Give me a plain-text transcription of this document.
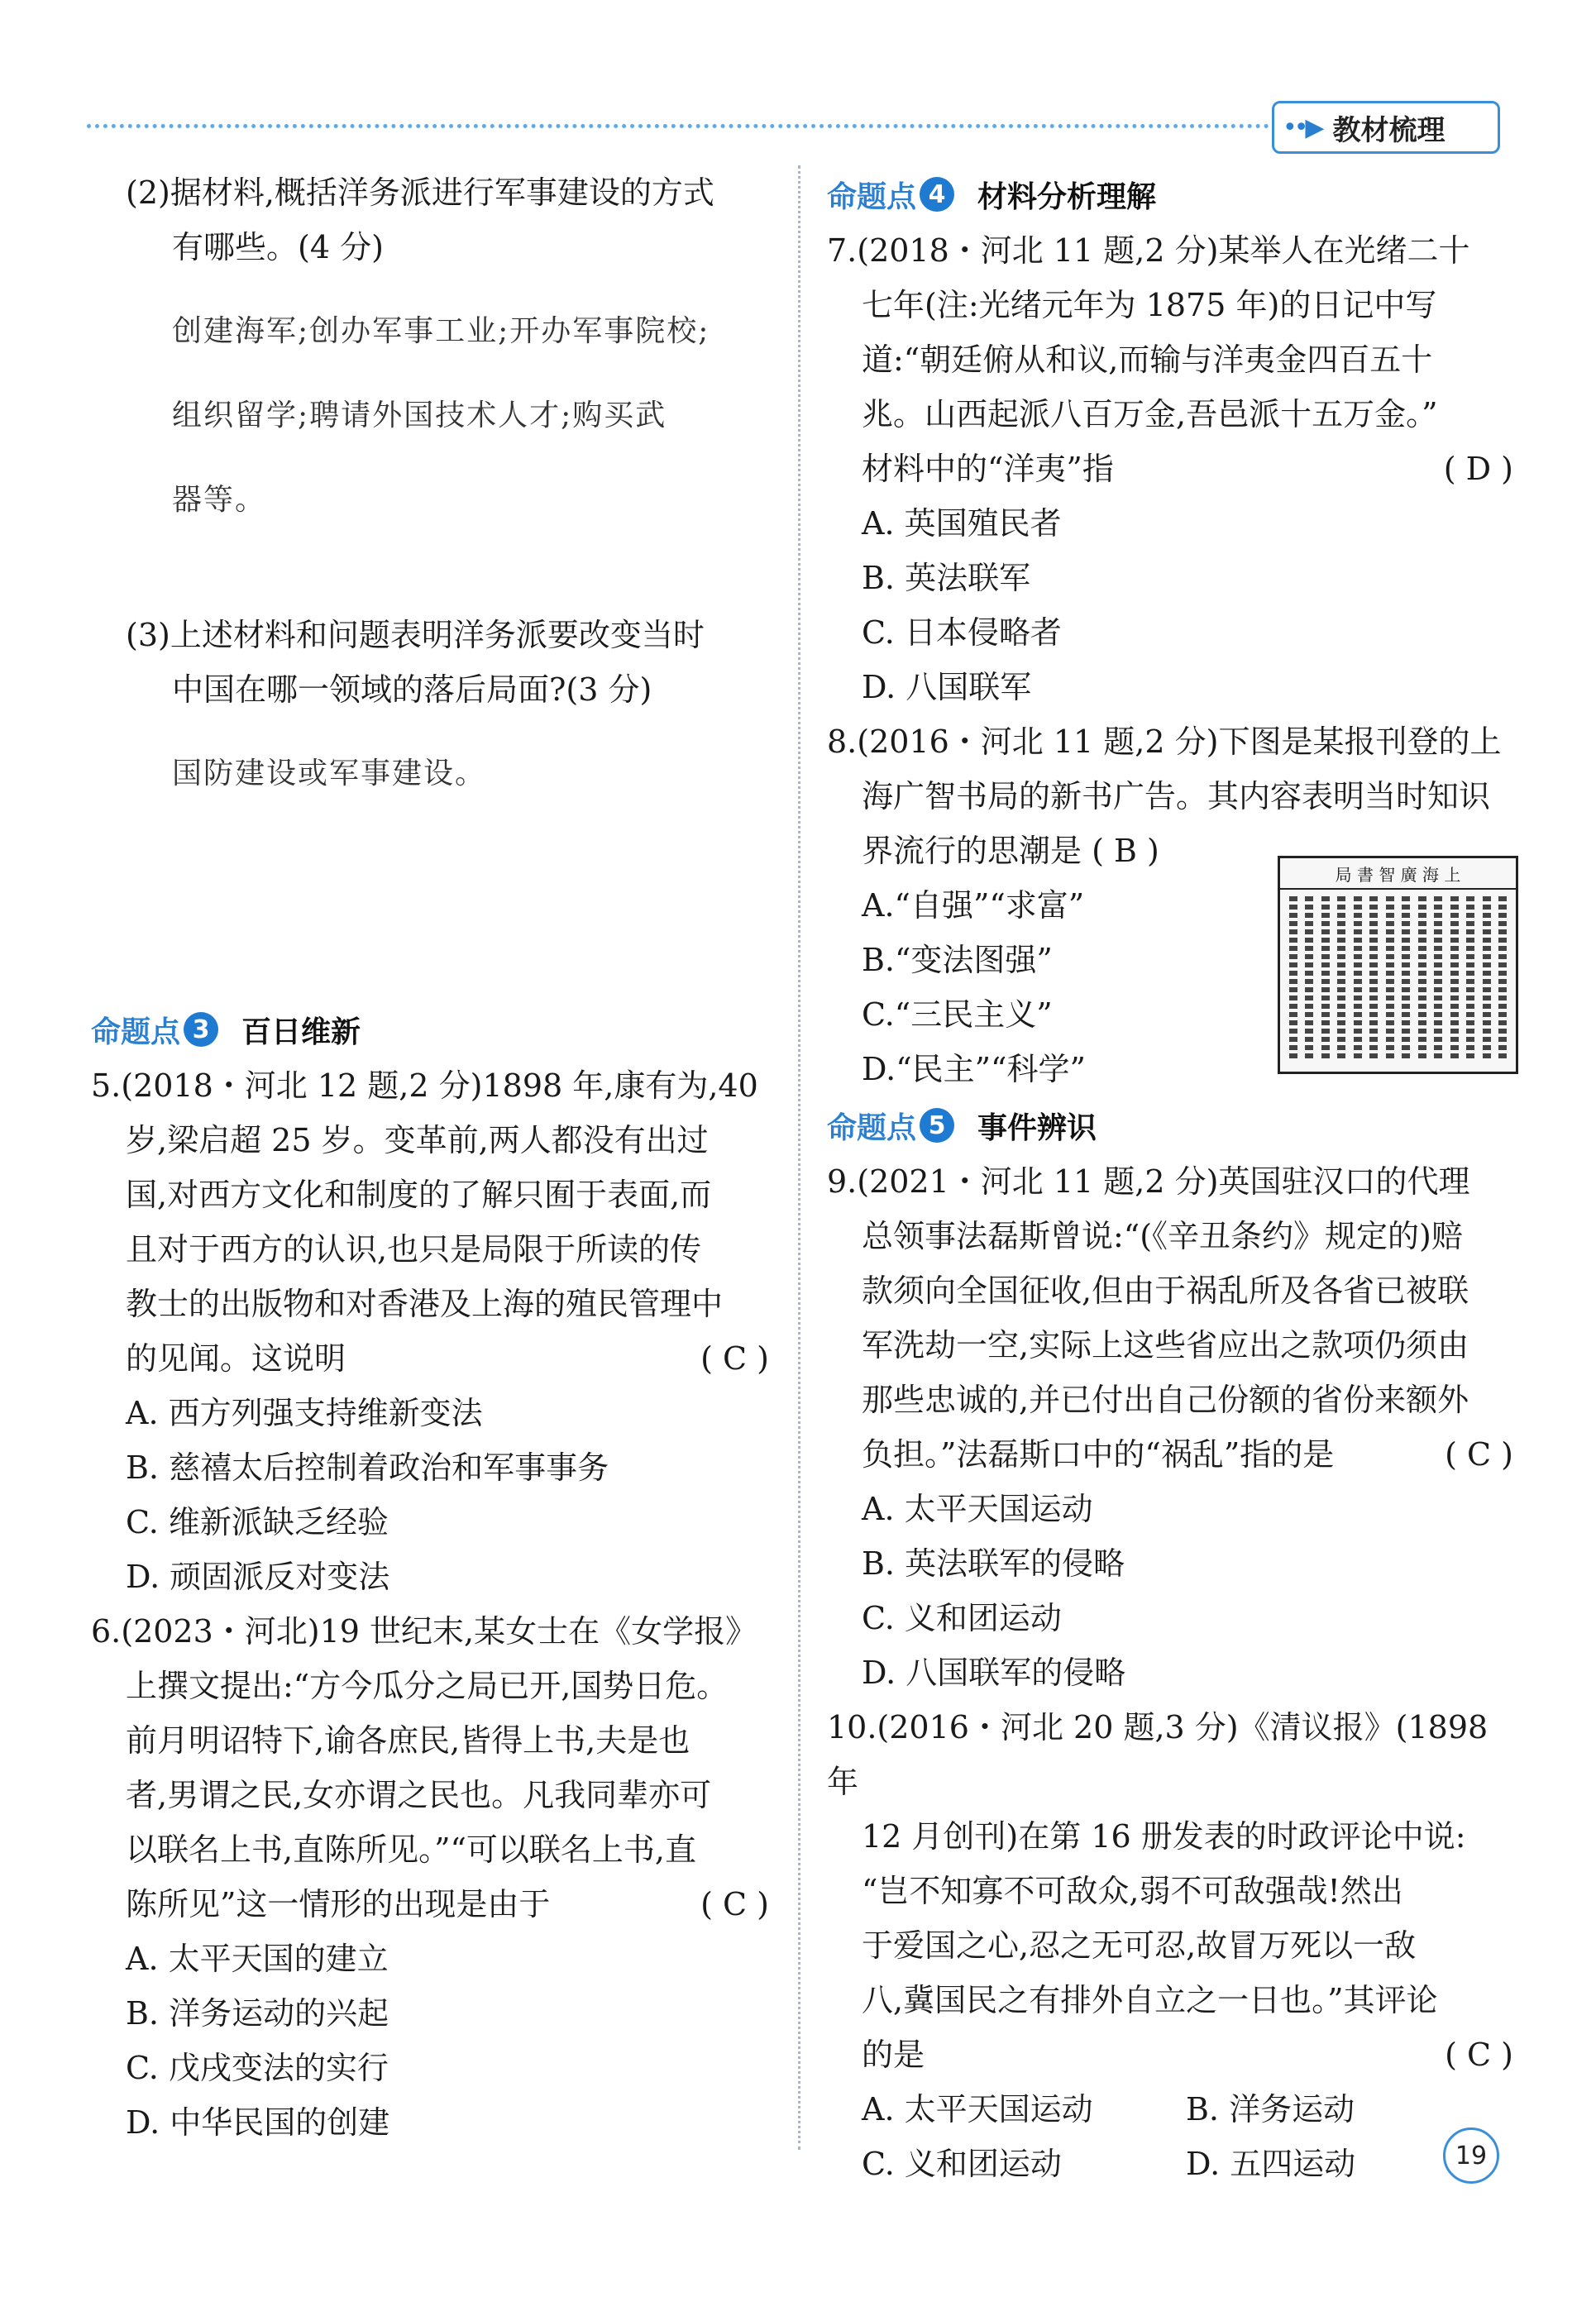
••▶ 教材梳理

(2)据材料,概括洋务派进行军事建设的方式

有哪些。(4 分)

创建海军;创办军事工业;开办军事院校;

组织留学;聘请外国技术人才;购买武

器等。

(3)上述材料和问题表明洋务派要改变当时

中国在哪一领域的落后局面?(3 分)

国防建设或军事建设。

命题点 3 百日维新

5.(2018・河北 12 题,2 分)1898 年,康有为,40

岁,梁启超 25 岁。变革前,两人都没有出过

国,对西方文化和制度的了解只囿于表面,而

且对于西方的认识,也只是局限于所读的传

教士的出版物和对香港及上海的殖民管理中

的见闻。这说明	( C )

A. 西方列强支持维新变法

B. 慈禧太后控制着政治和军事事务

C. 维新派缺乏经验

D. 顽固派反对变法

6.(2023・河北)19 世纪末,某女士在《女学报》

上撰文提出:“方今瓜分之局已开,国势日危。

前月明诏特下,谕各庶民,皆得上书,夫是也

者,男谓之民,女亦谓之民也。凡我同辈亦可

以联名上书,直陈所见。”“可以联名上书,直

陈所见”这一情形的出现是由于	( C )

A. 太平天国的建立

B. 洋务运动的兴起

C. 戊戌变法的实行

D. 中华民国的创建

命题点 4 材料分析理解

7.(2018・河北 11 题,2 分)某举人在光绪二十

七年(注:光绪元年为 1875 年)的日记中写

道:“朝廷俯从和议,而输与洋夷金四百五十

兆。山西起派八百万金,吾邑派十五万金。”

材料中的“洋夷”指	( D )

A. 英国殖民者

B. 英法联军

C. 日本侵略者

D. 八国联军

8.(2016・河北 11 题,2 分)下图是某报刊登的上

海广智书局的新书广告。其内容表明当时知识

界流行的思潮是 ( B )

A.“自强”“求富”

B.“变法图强”

C.“三民主义”

D.“民主”“科学”

命题点 5 事件辨识

9.(2021・河北 11 题,2 分)英国驻汉口的代理

总领事法磊斯曾说:“(《辛丑条约》规定的)赔

款须向全国征收,但由于祸乱所及各省已被联

军洗劫一空,实际上这些省应出之款项仍须由

那些忠诚的,并已付出自己份额的省份来额外

负担。”法磊斯口中的“祸乱”指的是	( C )

A. 太平天国运动

B. 英法联军的侵略

C. 义和团运动

D. 八国联军的侵略

10.(2016・河北 20 题,3 分)《清议报》(1898 年

12 月创刊)在第 16 册发表的时政评论中说:

“岂不知寡不可敌众,弱不可敌强哉!然出

于爱国之心,忍之无可忍,故冒万死以一敌

八,冀国民之有排外自立之一日也。”其评论

的是	( C )
A. 太平天国运动	B. 洋务运动
C. 义和团运动	D. 五四运动
局 書 智 廣 海 上
19
